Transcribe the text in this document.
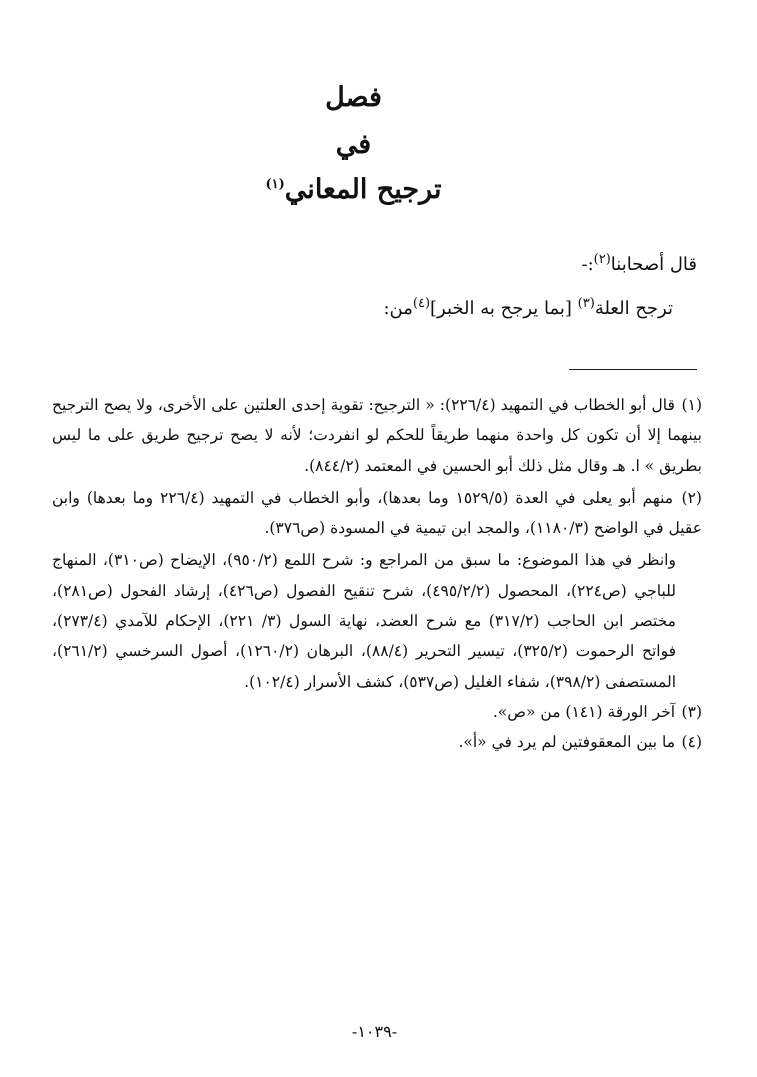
فصل
في
ترجيح المعاني$^{(١)}$
قال أصحابنا$^{(٢)}$:-
ترجح العلة$^{(٣)}$ [بما يرجح به الخبر]$^{(٤)}$من:
(١) قال أبو الخطاب في التمهيد (٢٢٦/٤): « الترجيح: تقوية إحدى العلتين على الأخرى، ولا يصح الترجيح بينهما إلا أن تكون كل واحدة منهما طريقاً للحكم لو انفردت؛ لأنه لا يصح ترجيح طريق على ما ليس بطريق » ا. هـ وقال مثل ذلك أبو الحسين في المعتمد (٨٤٤/٢).
(٢) منهم أبو يعلى في العدة (١٥٢٩/٥ وما بعدها)، وأبو الخطاب في التمهيد (٢٢٦/٤ وما بعدها) وابن عقيل في الواضح (١١٨٠/٣)، والمجد ابن تيمية في المسودة (ص٣٧٦).
وانظر في هذا الموضوع: ما سبق من المراجع و: شرح اللمع (٩٥٠/٢)، الإيضاح (ص٣١٠)، المنهاج للباجي (ص٢٢٤)، المحصول (٤٩٥/٢/٢)، شرح تنقيح الفصول (ص٤٢٦)، إرشاد الفحول (ص٢٨١)، مختصر ابن الحاجب (٣١٧/٢) مع شرح العضد، نهاية السول (٣/ ٢٢١)، الإحكام للآمدي (٢٧٣/٤)، فواتح الرحموت (٣٢٥/٢)، تيسير التحرير (٨٨/٤)، البرهان (١٢٦٠/٢)، أصول السرخسي (٢٦١/٢)، المستصفى (٣٩٨/٢)، شفاء الغليل (ص٥٣٧)، كشف الأسرار (١٠٢/٤).
(٣) آخر الورقة (١٤١) من «ص».
(٤) ما بين المعقوفتين لم يرد في «أ».
-١٠٣٩-
